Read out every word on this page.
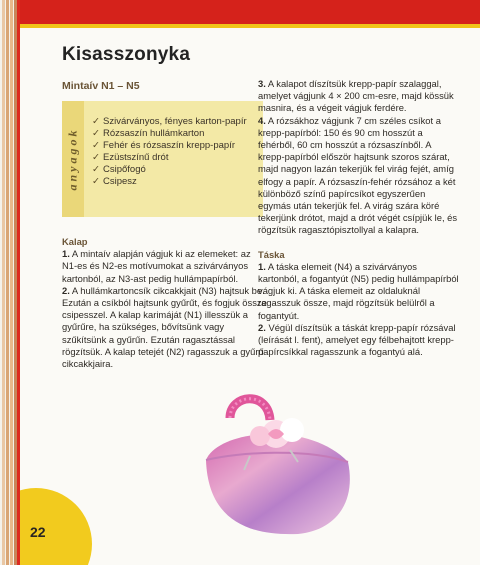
Kisasszonyka
Mintaív N1 – N5
anyagok
✓ Szivárványos, fényes karton-papír
✓ Rózsaszín hullámkarton
✓ Fehér és rózsaszín krepp-papír
✓ Ezüstszínű drót
✓ Csipőfogó
✓ Csipesz

Kalap

1. A mintaív alapján vágjuk ki az elemeket: az N1-es és N2-es motívumokat a szivárványos kartonból, az N3-ast pedig hullámpapírból.

2. A hullámkartoncsík cikcakkjait (N3) hajtsuk be. Ezután a csíkból hajtsunk gyűrűt, és fogjuk össze csipesszel. A kalap karimáját (N1) illesszük a gyűrűre, ha szükséges, bővítsünk vagy szűkítsünk a gyűrűn. Ezután ragasztással rögzítsük. A kalap tetejét (N2) ragasszuk a gyűrű cikcakkjaira.

3. A kalapot díszítsük krepp-papír szalaggal, amelyet vágjunk 4 × 200 cm-esre, majd kössük masnira, és a végeit vágjuk ferdére.

4. A rózsákhoz vágjunk 7 cm széles csíkot a krepp-papírból: 150 és 90 cm hosszút a fehérből, 60 cm hosszút a rózsaszínből. A krepp-papírból először hajtsunk szoros szárat, majd nagyon lazán tekerjük fel virág fejét, amíg elfogy a papír. A rózsaszín-fehér rózsához a két különböző színű papírcsíkot egyszerűen egymás után tekerjük fel. A virág szára köré tekerjünk drótot, majd a drót végét csípjük le, és rögzítsük ragasztópisztollyal a kalapra.

Táska

1. A táska elemeit (N4) a szivárványos kartonból, a fogantyút (N5) pedig hullámpapírból vágjuk ki. A táska elemeit az oldaluknál ragasszuk össze, majd rögzítsük belülről a fogantyút.

2. Végül díszítsük a táskát krepp-papír rózsával (leírását l. fent), amelyet egy félbehajtott krepp-papírcsíkkal ragasszunk a fogantyú alá.

22
